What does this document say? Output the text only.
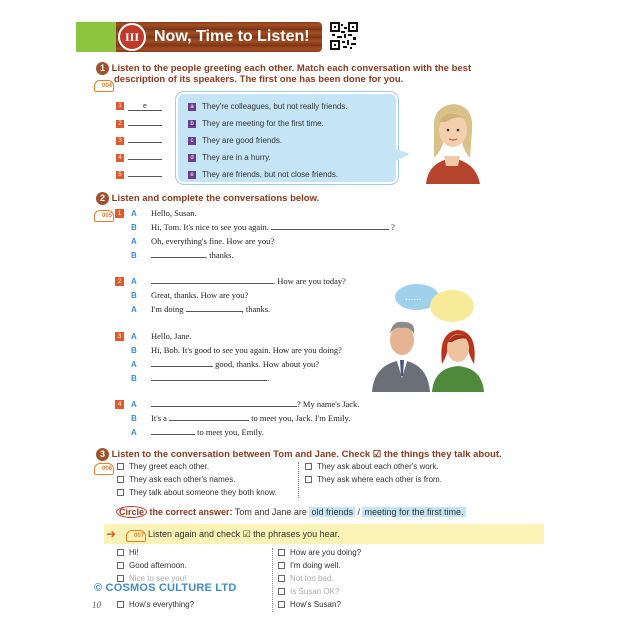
III Now, Time to Listen!
1 Listen to the people greeting each other. Match each conversation with the best
description of its speakers. The first one has been done for you.
004
1	e
2
3
4
5
a They're colleagues, but not really friends.
b They are meeting for the first time.
c They are good friends.
d They are in a hurry.
e They are friends, but not close friends.
2 Listen and complete the conversations below.
005 1	A Hello, Susan.
B Hi, Tom. It's nice to see you again.	?
A Oh, everything's fine. How are you?
B	, thanks.
2	A	. How are you today?
B Great, thanks. How are you?
A I'm doing	, thanks.
3	A Hello, Jane.
B Hi, Bob. It's good to see you again. How are you doing?
A	good, thanks. How about you?
B	.
4	A	? My name's Jack.
B It's a	to meet you, Jack. I'm Emily.
A	to meet you, Emily.
......
3 Listen to the conversation between Tom and Jane. Check ☑ the things they talk about.
006	They greet each other.
They ask each other's names.
They talk about someone they both know.
They ask about each other's work.
They ask where each other is from.
Circle the correct answer: Tom and Jane are old friends / meeting for the first time.
Listen again and check ☑ the phrases you hear.
➜	007
Hi!
Good afternoon.
Nice to see you!
How's everything?
How are you doing?
I'm doing well.
Not too bad.
Is Susan OK?
How's Susan?
© COSMOS CULTURE LTD
10
